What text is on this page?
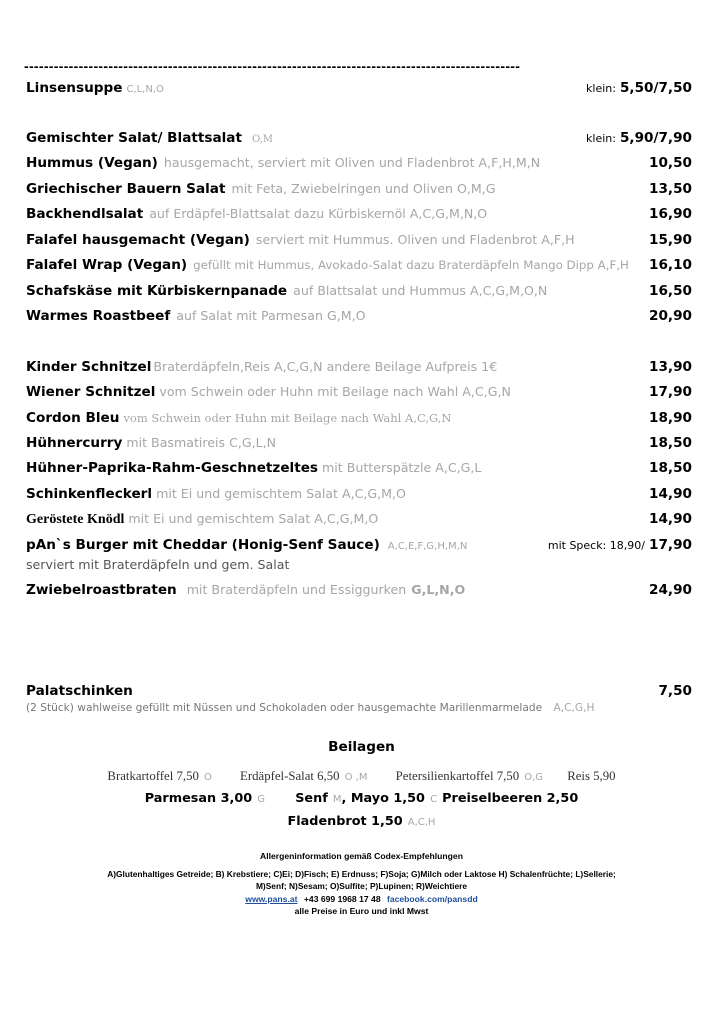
----------------------------------------------------------------------------------------------------
Linsensuppe C,L,N,O	klein: 5,50/7,50
Gemischter Salat/ Blattsalat O,M	klein: 5,90/7,90
Hummus (Vegan) hausgemacht, serviert mit Oliven und Fladenbrot A,F,H,M,N	10,50
Griechischer Bauern Salat mit Feta, Zwiebelringen und Oliven O,M,G	13,50
Backhendlsalat auf Erdäpfel-Blattsalat dazu Kürbiskernöl A,C,G,M,N,O	16,90
Falafel hausgemacht (Vegan) serviert mit Hummus. Oliven und Fladenbrot A,F,H	15,90
Falafel Wrap (Vegan) gefüllt mit Hummus, Avokado-Salat dazu Braterdäpfeln Mango Dipp A,F,H	16,10
Schafskäse mit Kürbiskernpanade auf Blattsalat und Hummus A,C,G,M,O,N	16,50
Warmes Roastbeef auf Salat mit Parmesan G,M,O	20,90
Kinder Schnitzel Braterdäpfeln,Reis A,C,G,N andere Beilage Aufpreis 1€	13,90
Wiener Schnitzel vom Schwein oder Huhn mit Beilage nach Wahl A,C,G,N	17,90
Cordon Bleu vom Schwein oder Huhn mit Beilage nach Wahl A,C,G,N	18,90
Hühnercurry mit Basmatireis C,G,L,N	18,50
Hühner-Paprika-Rahm-Geschnetzeltes mit Butterspätzle A,C,G,L	18,50
Schinkenfleckerl mit Ei und gemischtem Salat A,C,G,M,O	14,90
Geröstete Knödl mit Ei und gemischtem Salat A,C,G,M,O	14,90
pAn`s Burger mit Cheddar (Honig-Senf Sauce) A,C,E,F,G,H,M,N	mit Speck: 18,90/ 17,90
serviert mit Braterdäpfeln und gem. Salat
Zwiebelroastbraten mit Braterdäpfeln und Essiggurken G,L,N,O	24,90
Palatschinken	7,50
(2 Stück) wahlweise gefüllt mit Nüssen und Schokoladen oder hausgemachte Marillenmarmelade A,C,G,H
Beilagen
Bratkartoffel 7,50 O Erdäpfel-Salat 6,50 O ,M Petersilienkartoffel 7,50 O,G Reis 5,90
Parmesan 3,00 G Senf M, Mayo 1,50 C Preiselbeeren 2,50
Fladenbrot 1,50 A,C,H
Allergeninformation gemäß Codex-Empfehlungen
A)Glutenhaltiges Getreide; B) Krebstiere; C)Ei; D)Fisch; E) Erdnuss; F)Soja; G)Milch oder Laktose H) Schalenfrüchte; L)Sellerie;
M)Senf; N)Sesam; O)Sulfite; P)Lupinen; R)Weichtiere
www.pans.at +43 699 1968 17 48 facebook.com/pansdd
alle Preise in Euro und inkl Mwst
